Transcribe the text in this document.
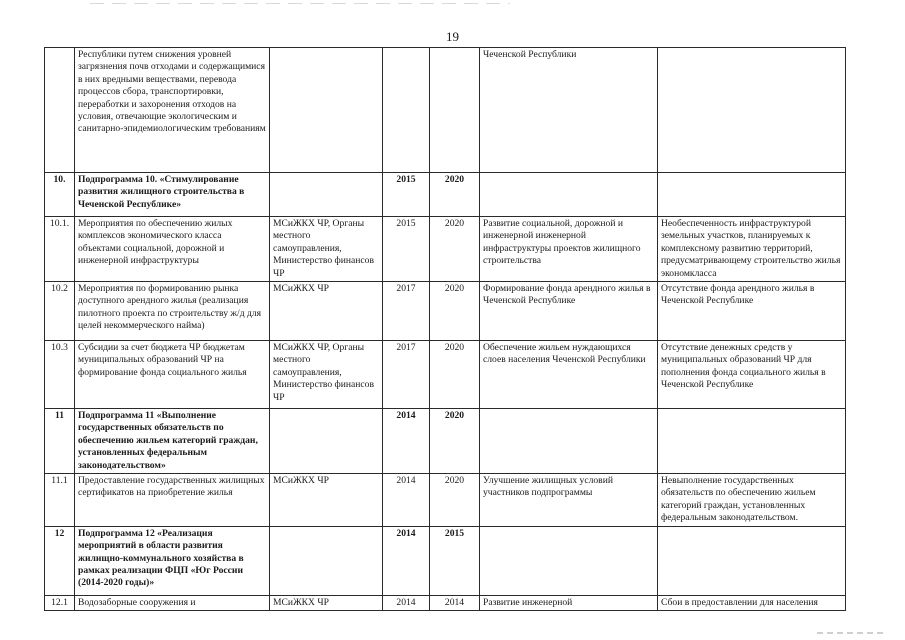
19
	Республики путем снижения уровней загрязнения почв отходами и содержащимися в них вредными веществами, перевода процессов сбора, транспортировки, переработки и захоронения отходов на условия, отвечающие экологическим и санитарно-эпидемиологическим требованиям				Чеченской Республики	
10.	Подпрограмма 10. «Стимулирование развития жилищного строительства в Чеченской Республике»		2015	2020		
10.1.	Мероприятия по обеспечению жилых комплексов экономического класса объектами социальной, дорожной и инженерной инфраструктуры	МСиЖКХ ЧР, Органы местного самоуправления, Министерство финансов ЧР	2015	2020	Развитие социальной, дорожной и инженерной инженерной инфраструктуры проектов жилищного строительства	Необеспеченность инфраструктурой земельных участков, планируемых к комплексному развитию территорий, предусматривающему строительство жилья экономкласса
10.2	Мероприятия по формированию рынка доступного арендного жилья (реализация пилотного проекта по строительству ж/д для целей некоммерческого найма)	МСиЖКХ ЧР	2017	2020	Формирование фонда арендного жилья в Чеченской Республике	Отсутствие фонда арендного жилья в Чеченской Республике
10.3	Субсидии за счет бюджета ЧР бюджетам муниципальных образований ЧР на формирование фонда социального жилья	МСиЖКХ ЧР, Органы местного самоуправления, Министерство финансов ЧР	2017	2020	Обеспечение жильем нуждающихся слоев населения Чеченской Республики	Отсутствие денежных средств у муниципальных образований ЧР для пополнения фонда социального жилья в Чеченской Республике
11	Подпрограмма 11 «Выполнение государственных обязательств по обеспечению жильем категорий граждан, установленных федеральным законодательством»		2014	2020		
11.1	Предоставление государственных жилищных сертификатов на приобретение жилья	МСиЖКХ ЧР	2014	2020	Улучшение жилищных условий участников подпрограммы	Невыполнение государственных обязательств по обеспечению жильем категорий граждан, установленных федеральным законодательством.
12	Подпрограмма 12 «Реализация мероприятий в области развития жилищно-коммунального хозяйства в рамках реализации ФЦП «Юг России (2014-2020 годы)»		2014	2015		
12.1	Водозаборные сооружения и	МСиЖКХ ЧР	2014	2014	Развитие инженерной	Сбои в предоставлении для населения
